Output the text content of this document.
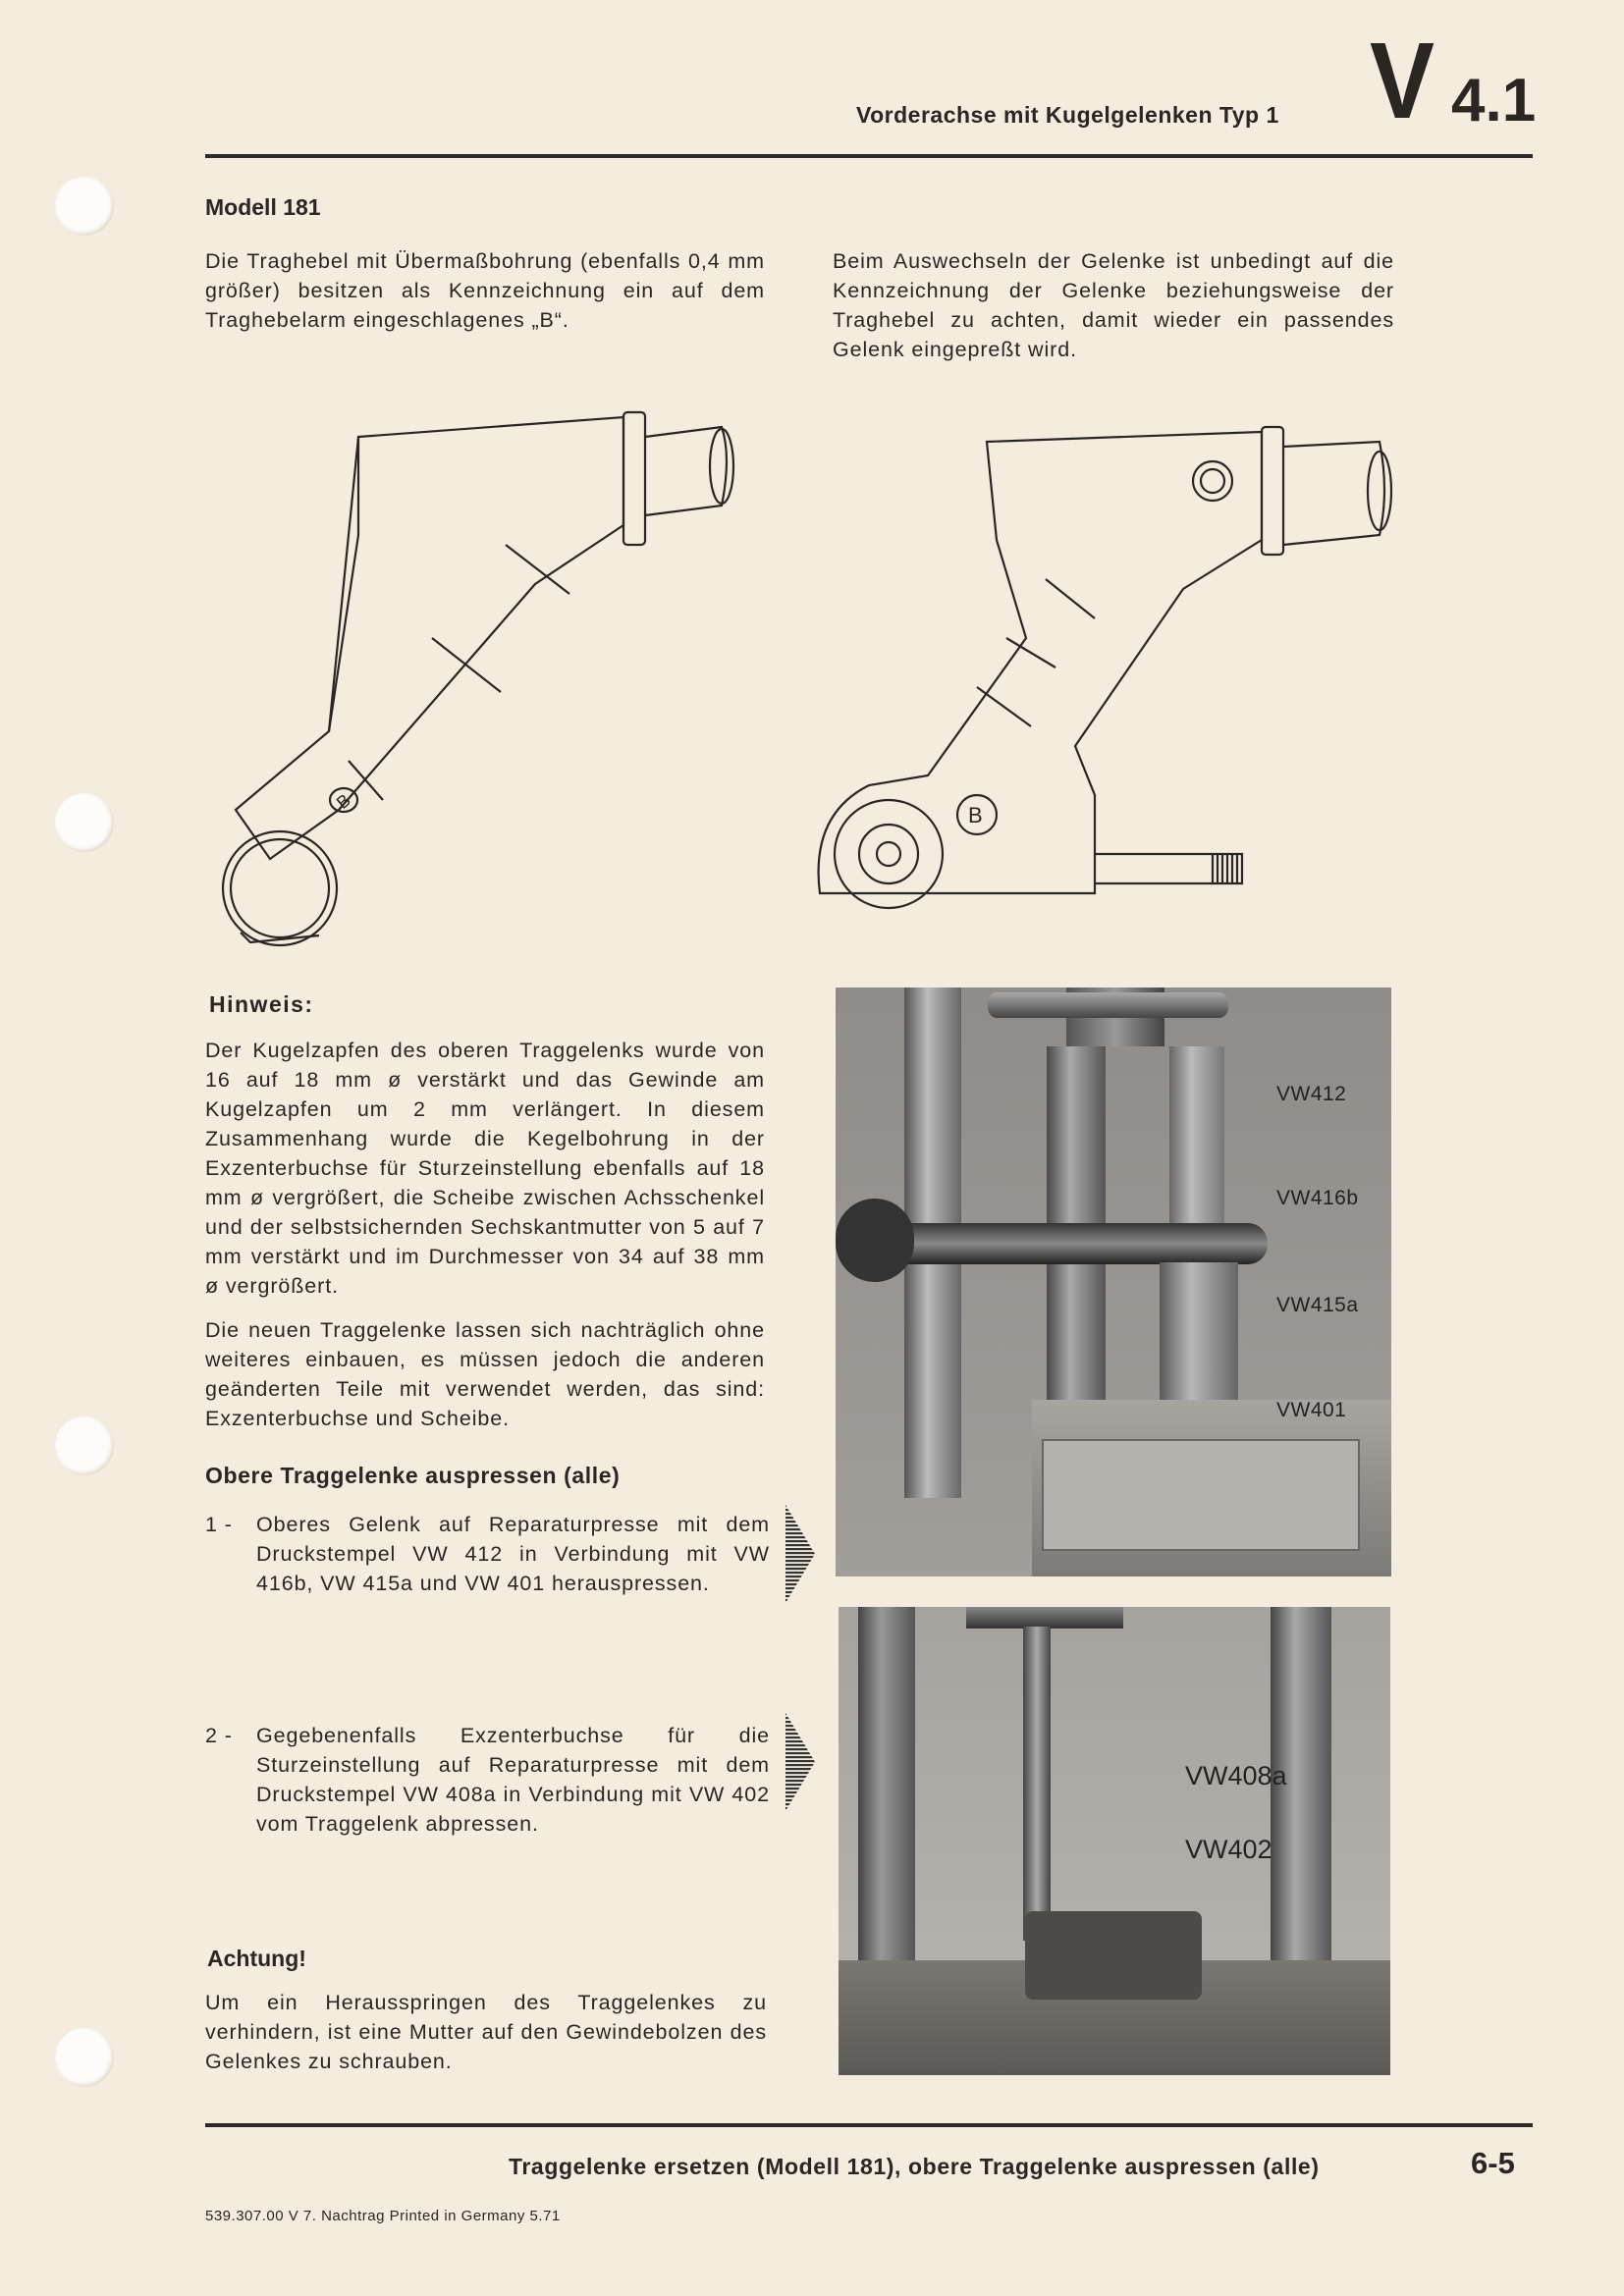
Vorderachse mit Kugelgelenken Typ 1 V 4.1
Modell 181
Die Traghebel mit Übermaßbohrung (ebenfalls 0,4 mm größer) besitzen als Kennzeichnung ein auf dem Traghebelarm eingeschlagenes „B“.
Beim Auswechseln der Gelenke ist unbedingt auf die Kennzeichnung der Gelenke beziehungsweise der Traghebel zu achten, damit wieder ein passendes Gelenk eingepreßt wird.
B
B
Hinweis:
Der Kugelzapfen des oberen Traggelenks wurde von 16 auf 18 mm ø verstärkt und das Gewinde am Kugelzapfen um 2 mm verlängert. In diesem Zusammenhang wurde die Kegelbohrung in der Exzenterbuchse für Sturzeinstellung ebenfalls auf 18 mm ø vergrößert, die Scheibe zwischen Achsschenkel und der selbstsichernden Sechskantmutter von 5 auf 7 mm verstärkt und im Durchmesser von 34 auf 38 mm ø vergrößert.
Die neuen Traggelenke lassen sich nachträglich ohne weiteres einbauen, es müssen jedoch die anderen geänderten Teile mit verwendet werden, das sind: Exzenterbuchse und Scheibe.
Obere Traggelenke auspressen (alle)
1 -	Oberes Gelenk auf Reparaturpresse mit dem Druckstempel VW 412 in Verbindung mit VW 416b, VW 415a und VW 401 herauspressen.
2 -	Gegebenenfalls Exzenterbuchse für die Sturzeinstellung auf Reparaturpresse mit dem Druckstempel VW 408a in Verbindung mit VW 402 vom Traggelenk abpressen.
VW412
VW416b
VW415a
VW401
VW408a
VW402
Achtung!
Um ein Herausspringen des Traggelenkes zu verhindern, ist eine Mutter auf den Gewindebolzen des Gelenkes zu schrauben.
Traggelenke ersetzen (Modell 181), obere Traggelenke auspressen (alle)	6-5
539.307.00 V 7. Nachtrag Printed in Germany 5.71
